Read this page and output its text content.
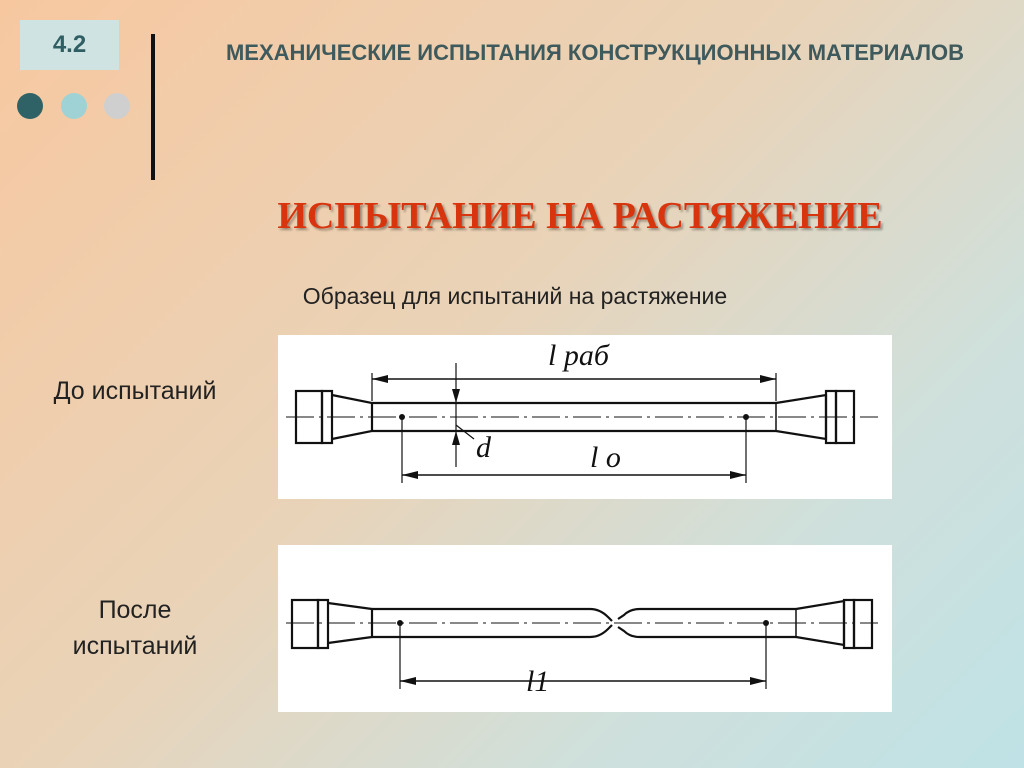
4.2	МЕХАНИЧЕСКИЕ ИСПЫТАНИЯ КОНСТРУКЦИОННЫХ МАТЕРИАЛОВ
ИСПЫТАНИЕ НА РАСТЯЖЕНИЕ
Образец для испытаний на растяжение
До испытаний
После испытаний
l раб
d	l o
l1
